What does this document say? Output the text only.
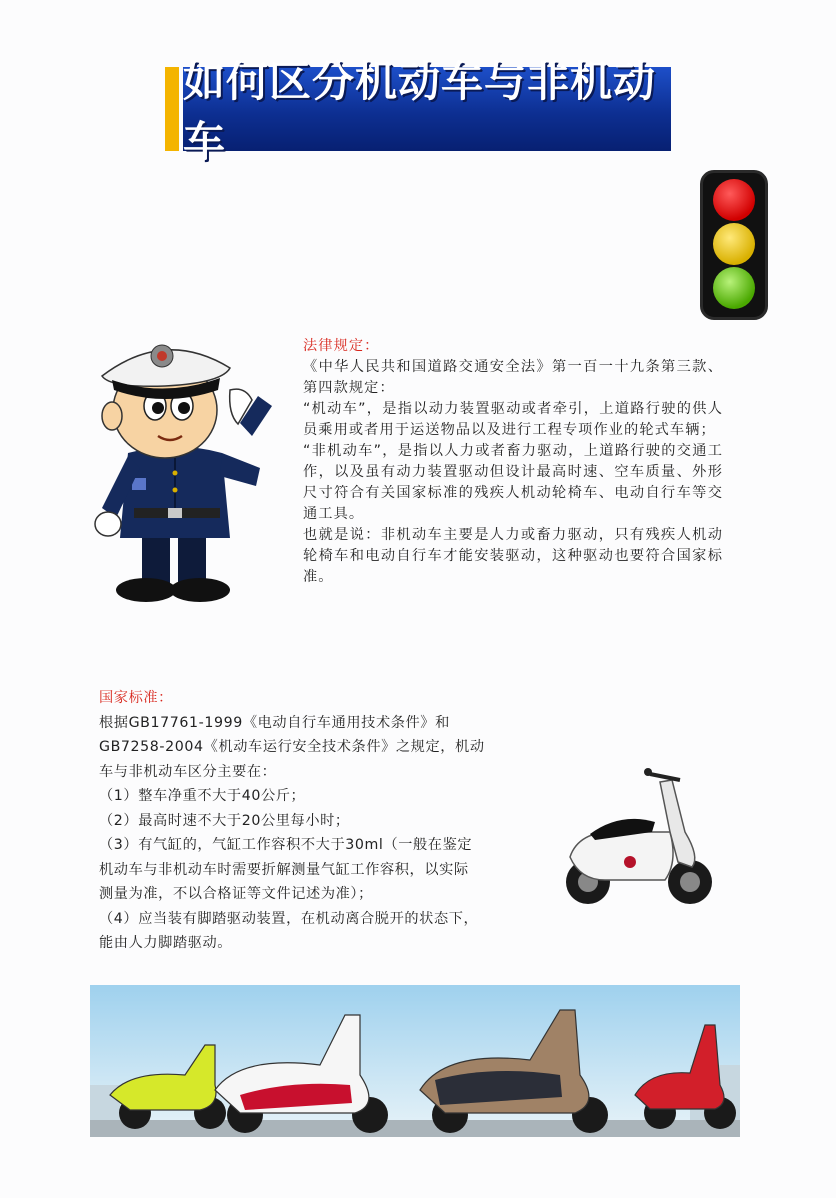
如何区分机动车与非机动车

法律规定：

《中华人民共和国道路交通安全法》第一百一十九条第三款、第四款规定：

“机动车”，是指以动力装置驱动或者牵引，上道路行驶的供人员乘用或者用于运送物品以及进行工程专项作业的轮式车辆；

“非机动车”，是指以人力或者畜力驱动，上道路行驶的交通工作，以及虽有动力装置驱动但设计最高时速、空车质量、外形尺寸符合有关国家标准的残疾人机动轮椅车、电动自行车等交通工具。

也就是说：非机动车主要是人力或畜力驱动，只有残疾人机动轮椅车和电动自行车才能安装驱动，这种驱动也要符合国家标准。

国家标准：

根据GB17761-1999《电动自行车通用技术条件》和

GB7258-2004《机动车运行安全技术条件》之规定，机动

车与非机动车区分主要在：

（1）整车净重不大于40公斤；

（2）最高时速不大于20公里每小时；

（3）有气缸的，气缸工作容积不大于30ml（一般在鉴定

机动车与非机动车时需要折解测量气缸工作容积，以实际

测量为准，不以合格证等文件记述为准）；

（4）应当装有脚踏驱动装置，在机动离合脱开的状态下，

能由人力脚踏驱动。
